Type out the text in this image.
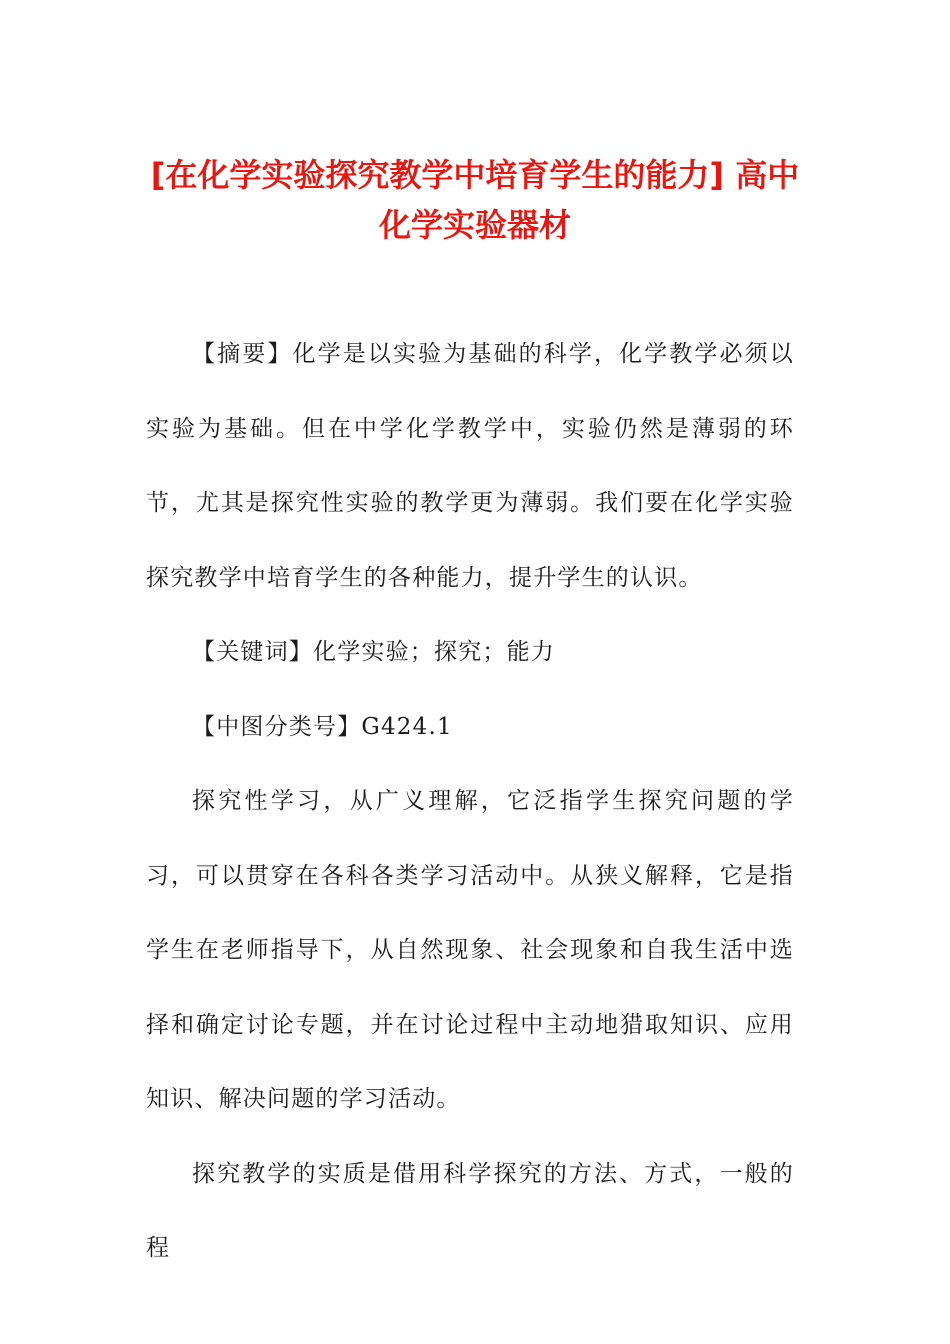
[在化学实验探究教学中培育学生的能力] 高中化学实验器材

【摘要】化学是以实验为基础的科学，化学教学必须以实验为基础。但在中学化学教学中，实验仍然是薄弱的环节，尤其是探究性实验的教学更为薄弱。我们要在化学实验探究教学中培育学生的各种能力，提升学生的认识。

【关键词】化学实验；探究；能力

【中图分类号】G424.1

探究性学习，从广义理解，它泛指学生探究问题的学习，可以贯穿在各科各类学习活动中。从狭义解释，它是指学生在老师指导下，从自然现象、社会现象和自我生活中选择和确定讨论专题，并在讨论过程中主动地猎取知识、应用知识、解决问题的学习活动。

探究教学的实质是借用科学探究的方法、方式，一般的程
